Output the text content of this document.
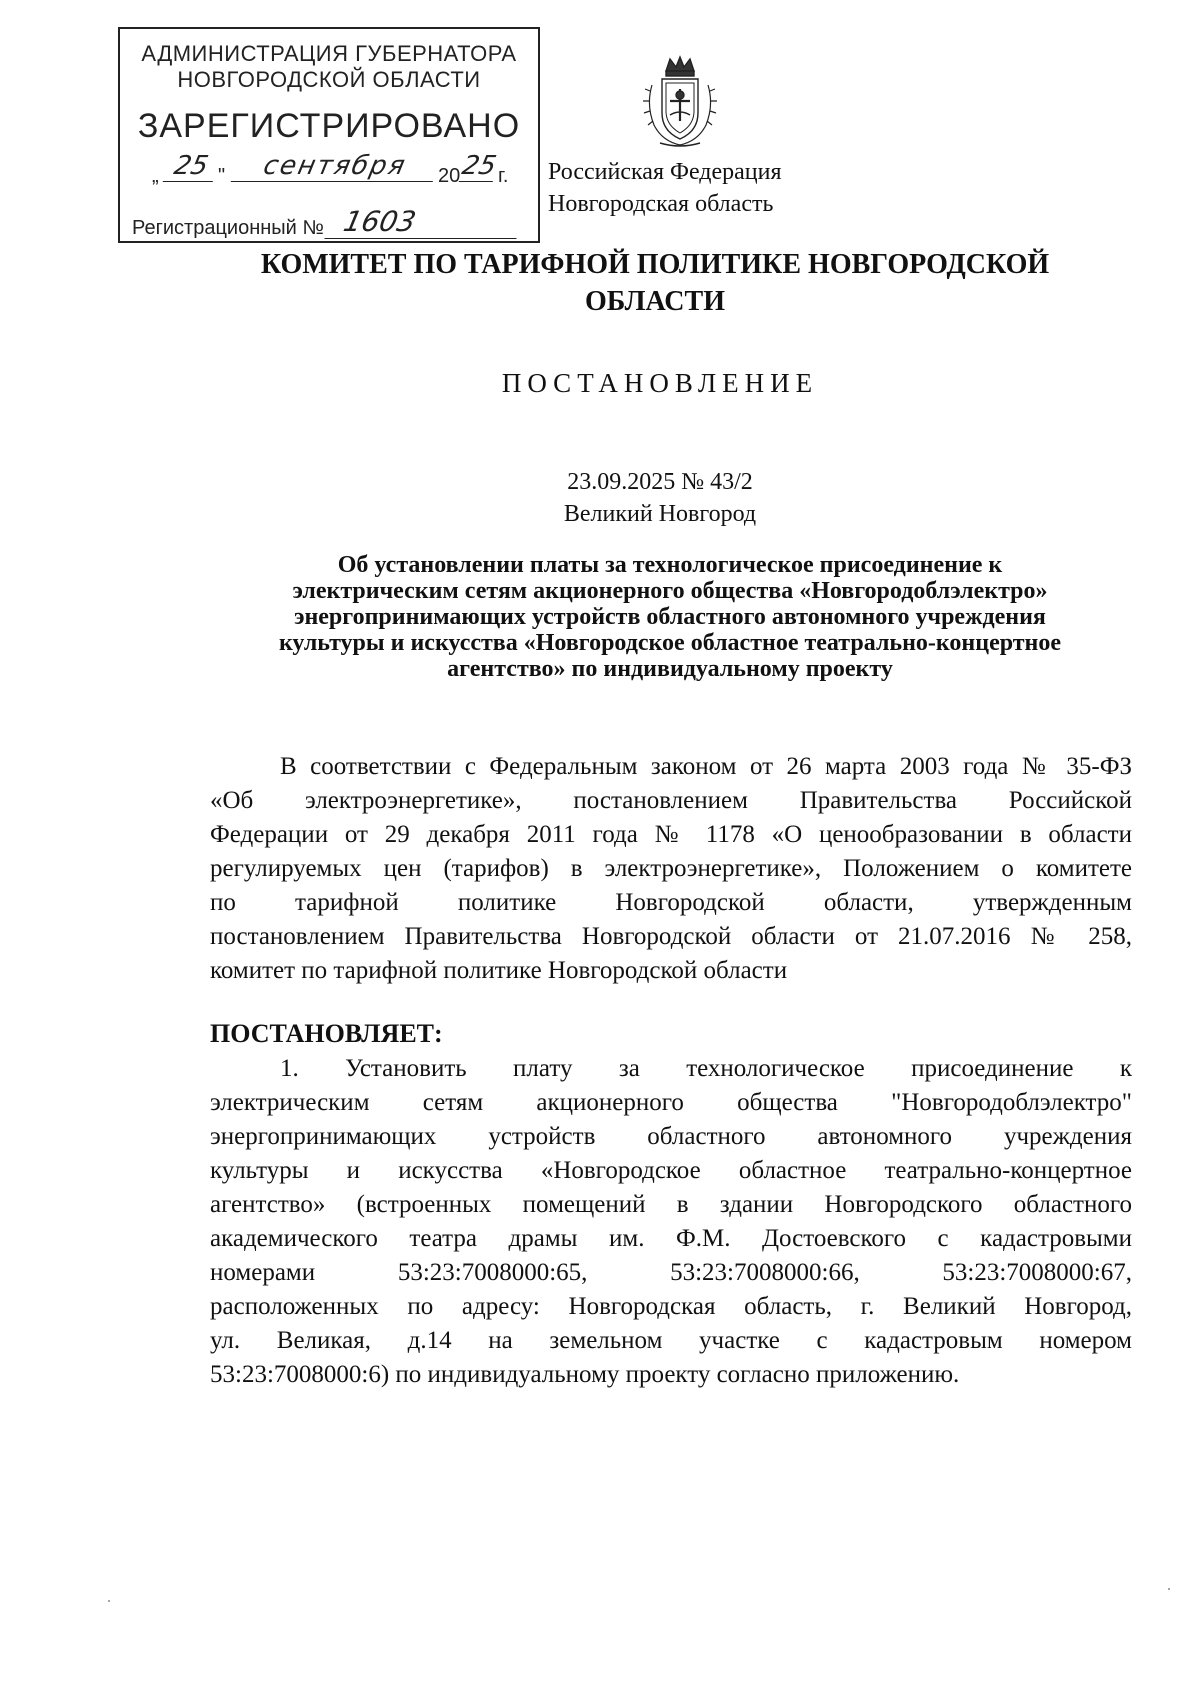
АДМИНИСТРАЦИЯ ГУБЕРНАТОРА
НОВГОРОДСКОЙ ОБЛАСТИ
ЗАРЕГИСТРИРОВАНО
„ 25 "	сентября	20 25 г.
Регистрационный № 1603
Российская Федерация
Новгородская область
КОМИТЕТ ПО ТАРИФНОЙ ПОЛИТИКЕ НОВГОРОДСКОЙ
ОБЛАСТИ
ПОСТАНОВЛЕНИЕ
23.09.2025 № 43/2
Великий Новгород
Об установлении платы за технологическое присоединение к
электрическим сетям акционерного общества «Новгородоблэлектро»
энергопринимающих устройств областного автономного учреждения
культуры и искусства «Новгородское областное театрально-концертное
агентство» по индивидуальному проекту
В соответствии с Федеральным законом от 26 марта 2003 года № 35-ФЗ
«Об электроэнергетике», постановлением Правительства Российской
Федерации от 29 декабря 2011 года № 1178 «О ценообразовании в области
регулируемых цен (тарифов) в электроэнергетике», Положением о комитете
по тарифной политике Новгородской области, утвержденным
постановлением Правительства Новгородской области от 21.07.2016 № 258,
комитет по тарифной политике Новгородской области
ПОСТАНОВЛЯЕТ:
1. Установить плату за технологическое присоединение к
электрическим сетям акционерного общества "Новгородоблэлектро"
энергопринимающих устройств областного автономного учреждения
культуры и искусства «Новгородское областное театрально-концертное
агентство» (встроенных помещений в здании Новгородского областного
академического театра драмы им. Ф.М. Достоевского с кадастровыми
номерами 53:23:7008000:65, 53:23:7008000:66, 53:23:7008000:67,
расположенных по адресу: Новгородская область, г. Великий Новгород,
ул. Великая, д.14 на земельном участке с кадастровым номером
53:23:7008000:6) по индивидуальному проекту согласно приложению.
